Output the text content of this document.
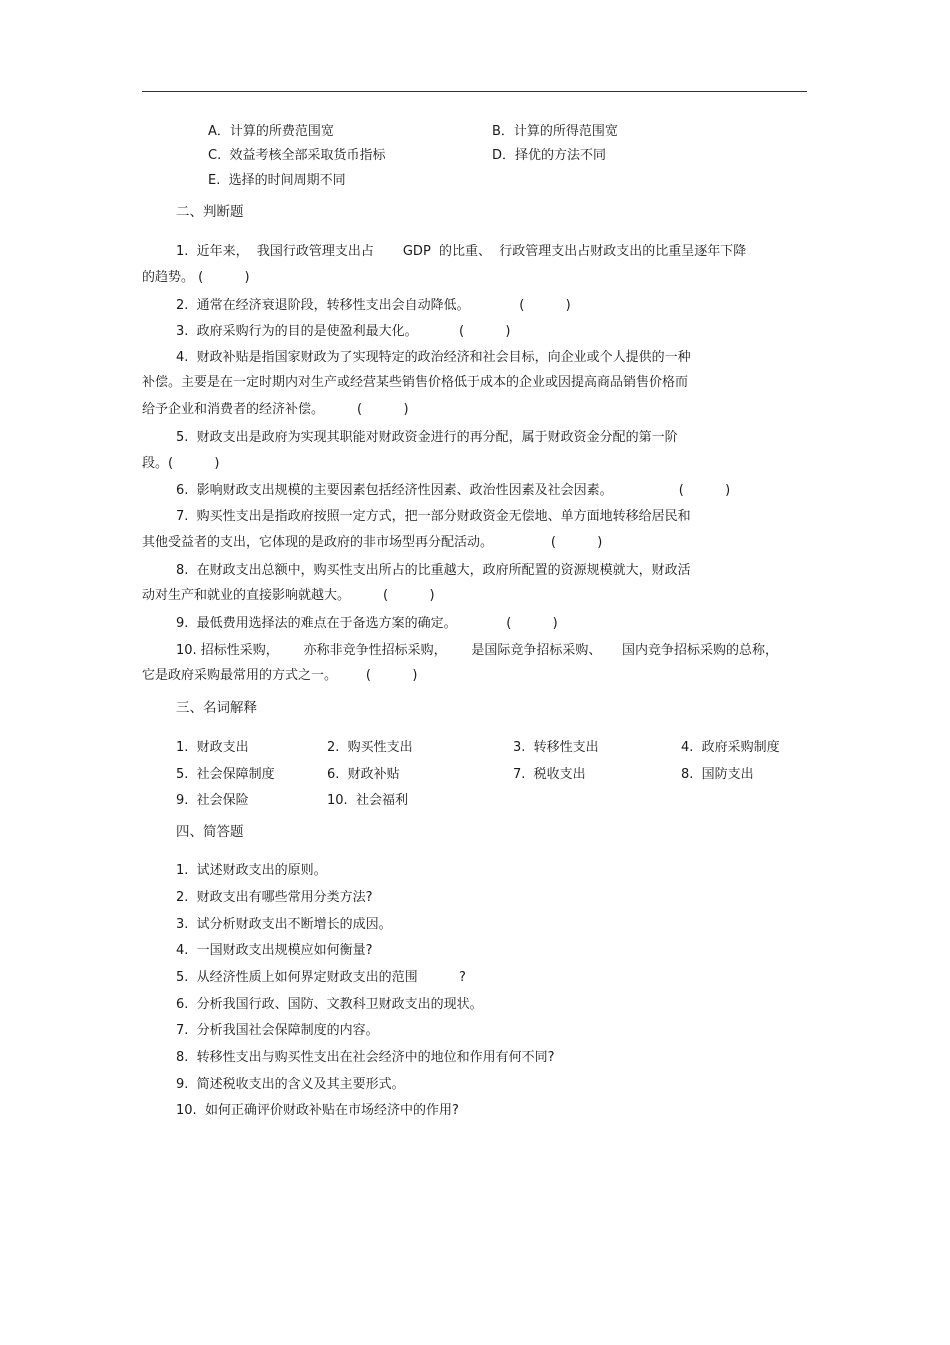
A．计算的所费范围宽	B．计算的所得范围宽
C.  效益考核全部采取货币指标	D．择优的方法不同
E.  选择的时间周期不同
二、判断题
1.  近年来，  我国行政管理支出占       GDP  的比重、  行政管理支出占财政支出的比重呈逐年下降
的趋势。 (          )
2.  通常在经济衰退阶段，转移性支出会自动降低。            (          )
3.  政府采购行为的目的是使盈利最大化。          (          )
4.  财政补贴是指国家财政为了实现特定的政治经济和社会目标，向企业或个人提供的一种
补偿。主要是在一定时期内对生产或经营某些销售价格低于成本的企业或因提高商品销售价格而
给予企业和消费者的经济补偿。        (          )
5.  财政支出是政府为实现其职能对财政资金进行的再分配，属于财政资金分配的第一阶
段。(          )
6.  影响财政支出规模的主要因素包括经济性因素、政治性因素及社会因素。                (          )
7.  购买性支出是指政府按照一定方式，把一部分财政资金无偿地、单方面地转移给居民和
其他受益者的支出，它体现的是政府的非市场型再分配活动。              (          )
8.  在财政支出总额中，购买性支出所占的比重越大，政府所配置的资源规模就大，财政活
动对生产和就业的直接影响就越大。        (          )
9.  最低费用选择法的难点在于备选方案的确定。            (          )
10. 招标性采购，      亦称非竞争性招标采购，      是国际竞争招标采购、     国内竞争招标采购的总称，
它是政府采购最常用的方式之一。       (          )
三、名词解释
1.  财政支出	2.  购买性支出	3.  转移性支出	4.  政府采购制度
5.  社会保障制度	6.  财政补贴	7.  税收支出	8.  国防支出
9.  社会保险	10.  社会福利
四、简答题
1.  试述财政支出的原则。
2.  财政支出有哪些常用分类方法?
3.  试分析财政支出不断增长的成因。
4.  一国财政支出规模应如何衡量?
5.  从经济性质上如何界定财政支出的范围          ?
6.  分析我国行政、国防、文教科卫财政支出的现状。
7.  分析我国社会保障制度的内容。
8.  转移性支出与购买性支出在社会经济中的地位和作用有何不同?
9.  简述税收支出的含义及其主要形式。
10.  如何正确评价财政补贴在市场经济中的作用?
